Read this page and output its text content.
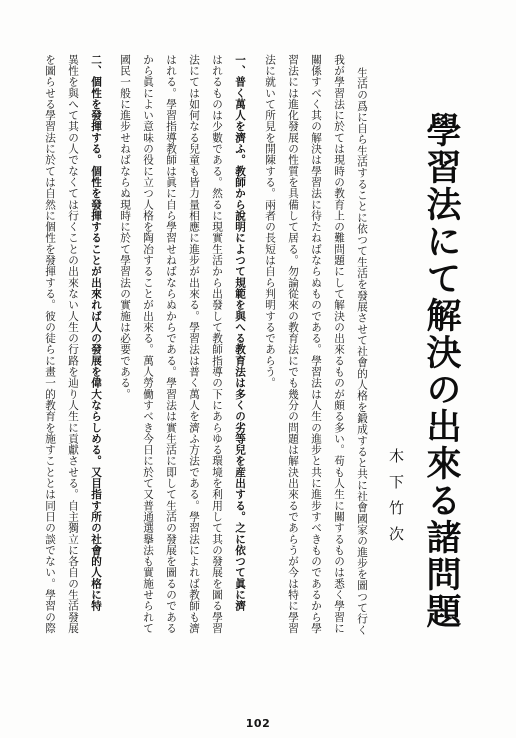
學習法にて解決の出來る諸問題
木下竹次
生活の爲に自ら生活することに依つて生活を發展させて社會的人格を鍛成すると共に社會國家の進步を圖つて行く
我が學習法に於ては現時の教育上の難問題にして解決の出來るものが頗る多い。苟も人生に關するものは悉く學習に
關係すべく其の解決は學習法に待たねばならぬものである。學習法は人生の進步と共に進步すべきものであるから學
習法には進化發展の性質を具備して居る。勿論從來の教育法にでも幾分の問題は解決出來るであらうが今は特に學習
法に就いて所見を開陳する。兩者の長短は自ら判明するであらう。
一、普く萬人を濟ふ。教師から說明によつて規範を與へる教育法は多くの劣等兒を産出する。之に依つて眞に濟
はれるものは少數である。然るに現實生活から出發して教師指導の下にあらゆる環境を利用して其の發展を圖る學習
法にては如何なる兒童も皆力量相應に進步が出來る。學習法は普く萬人を濟ふ方法である。學習法によれば教師も濟
はれる。學習指導教師は眞に自ら學習せねばならぬからである。學習法は實生活に即して生活の發展を圖るのである
から眞によい意味の役に立つ人格を陶冶することが出來る。萬人勞働すべき今日に於て又普通選擧法も實施せられて
國民一般に進步せねばならぬ現時に於て學習法の實施は必要である。
二、個性を發揮する。個性を發揮することが出來れば人の發展を偉大ならしめる。又目指す所の社會的人格に特
異性を與へて其の人でなくては行くことの出來ない人生の行路を辿り人生に貢獻させる。自主獨立に各自の生活發展
を圖らせる學習法に於ては自然に個性を發揮する。彼の徒らに畫一的教育を施すこととは同日の談でない。學習の際
102
